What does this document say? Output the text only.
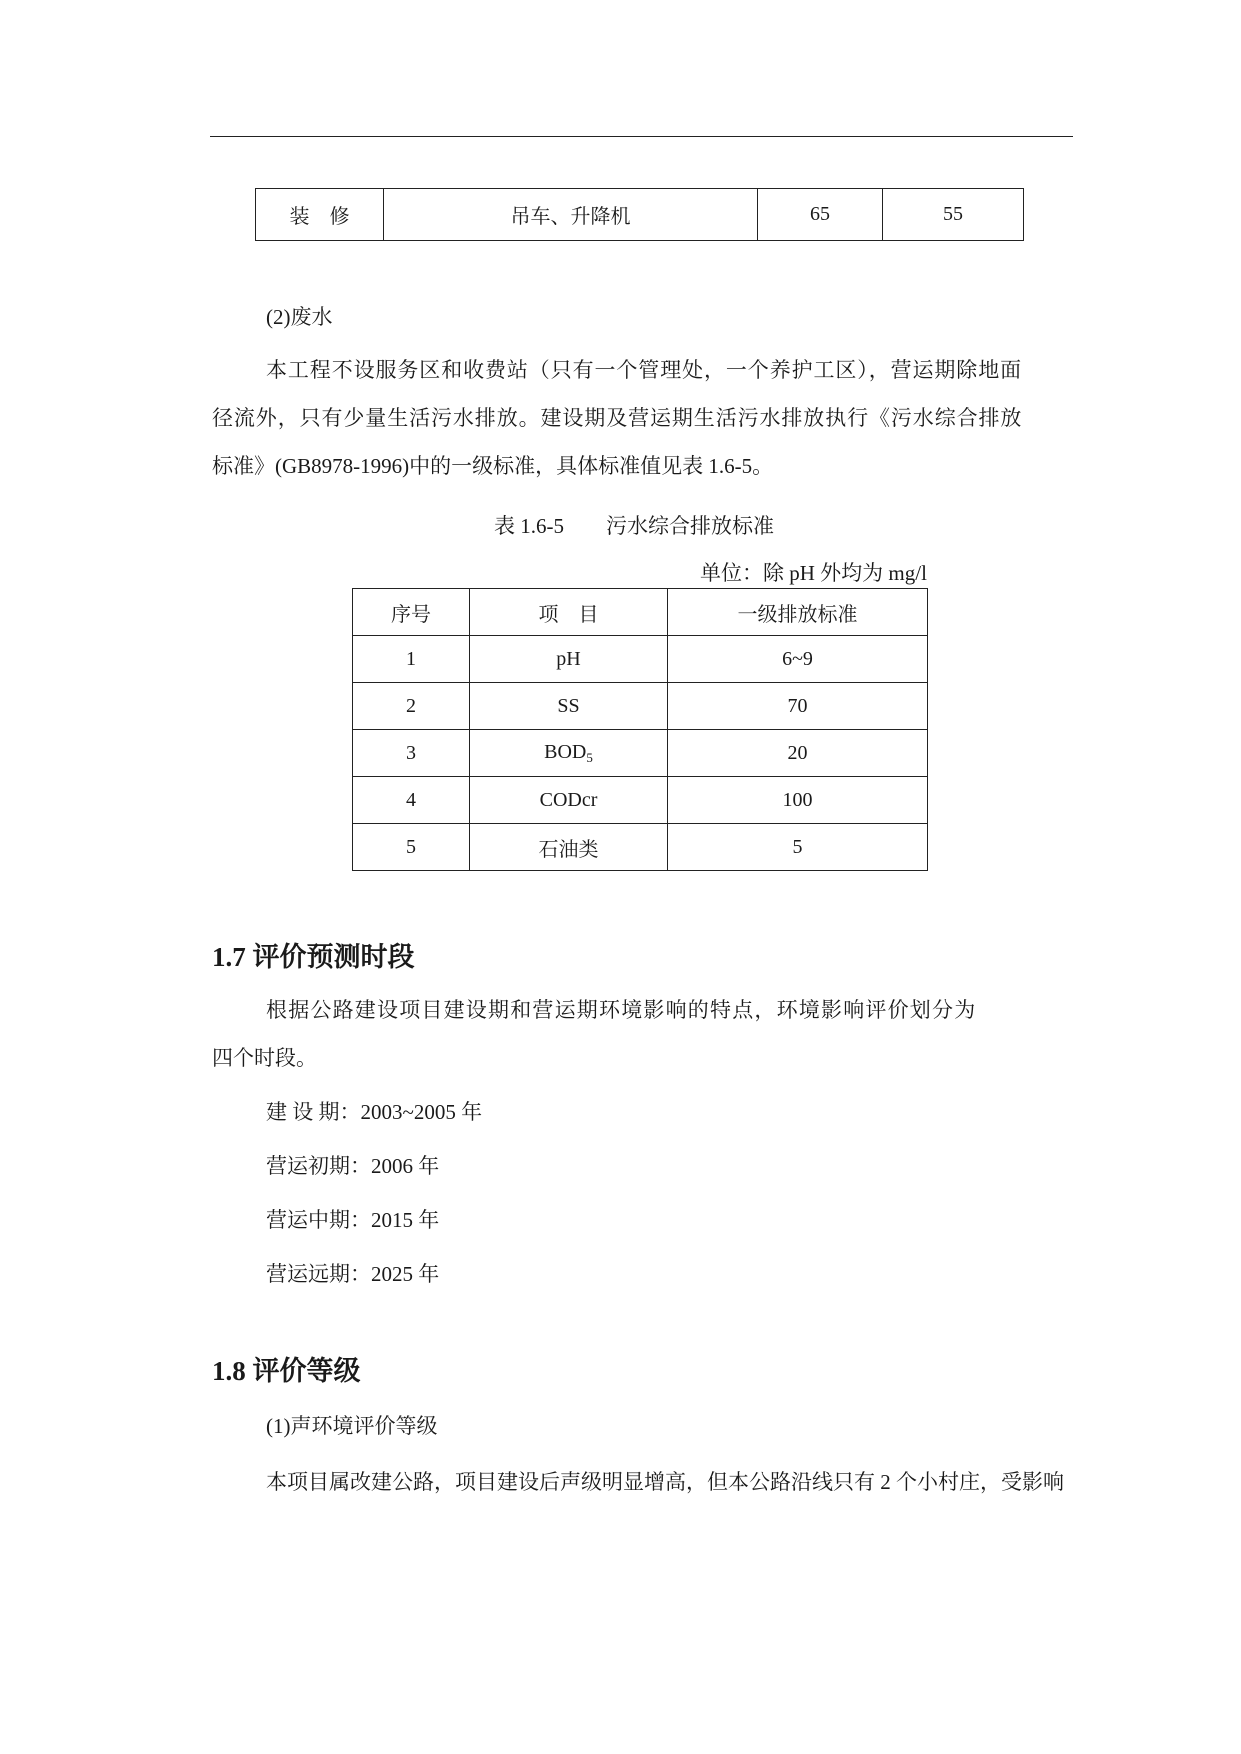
装　修	吊车、升降机	65	55
(2)废水
本工程不设服务区和收费站（只有一个管理处，一个养护工区），营运期除地面
径流外，只有少量生活污水排放。建设期及营运期生活污水排放执行《污水综合排放
标准》(GB8978-1996)中的一级标准，具体标准值见表 1.6-5。
表 1.6-5　　污水综合排放标准
单位：除 pH 外均为 mg/l
序号	项　目	一级排放标准
1	pH	6~9
2	SS	70
3	$BOD_5$	20
4	CODcr	100
5	石油类	5
1.7 评价预测时段
根据公路建设项目建设期和营运期环境影响的特点，环境影响评价划分为
四个时段。
建 设 期：2003~2005 年
营运初期：2006 年
营运中期：2015 年
营运远期：2025 年
1.8 评价等级
(1)声环境评价等级
本项目属改建公路，项目建设后声级明显增高，但本公路沿线只有 2 个小村庄，受影响
